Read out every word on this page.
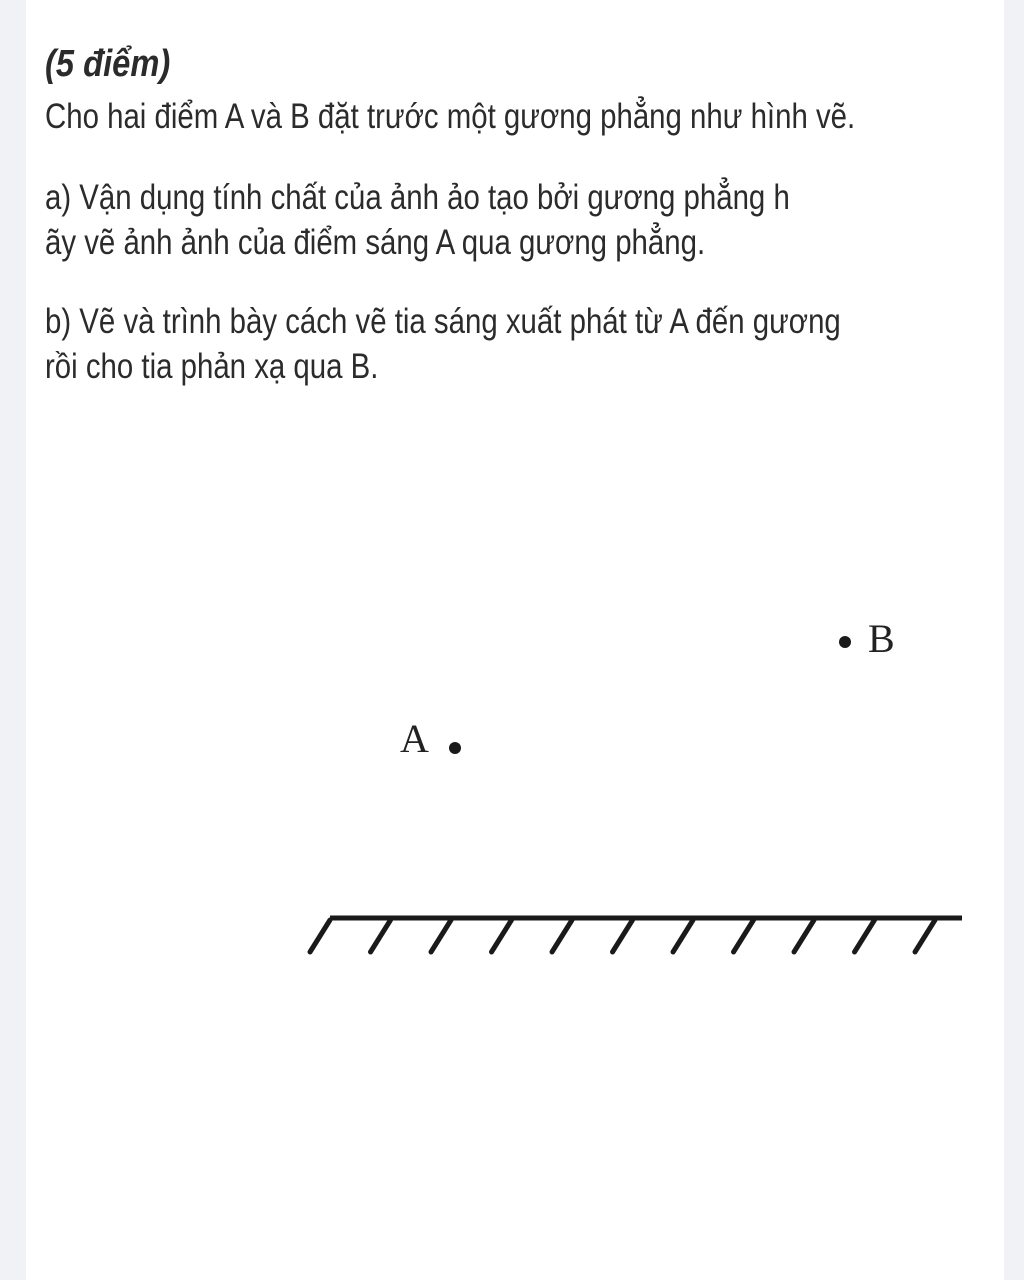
(5 điểm)

Cho hai điểm A và B đặt trước một gương phẳng như hình vẽ.

a) Vận dụng tính chất của ảnh ảo tạo bởi gương phẳng h
ãy vẽ ảnh ảnh của điểm sáng A qua gương phẳng.

b) Vẽ và trình bày cách vẽ tia sáng xuất phát từ A đến gương
rồi cho tia phản xạ qua B.

B
A
